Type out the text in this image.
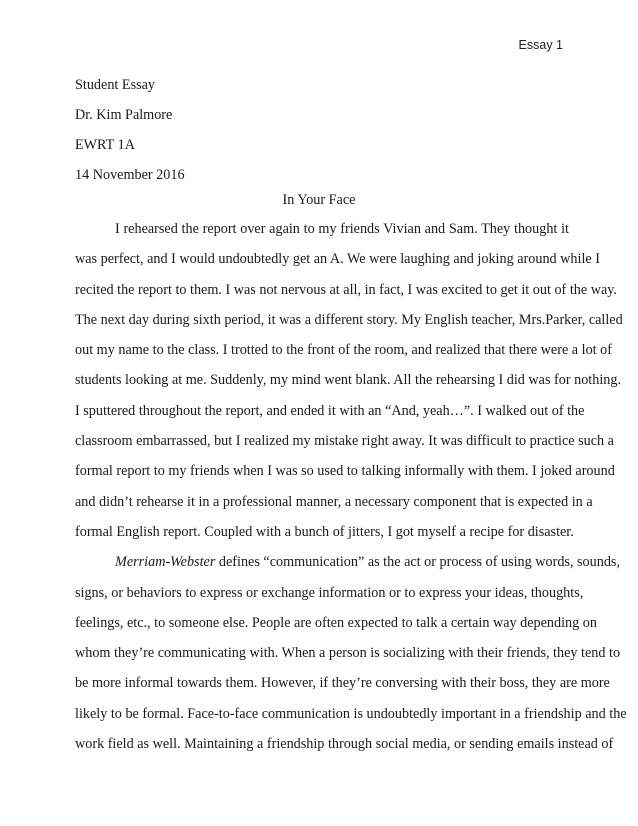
Essay 1
Student Essay
Dr. Kim Palmore
EWRT 1A
14 November 2016
In Your Face
I rehearsed the report over again to my friends Vivian and Sam. They thought it
was perfect, and I would undoubtedly get an A. We were laughing and joking around while I
recited the report to them. I was not nervous at all, in fact, I was excited to get it out of the way.
The next day during sixth period, it was a different story. My English teacher, Mrs.Parker, called
out my name to the class. I trotted to the front of the room, and realized that there were a lot of
students looking at me. Suddenly, my mind went blank. All the rehearsing I did was for nothing.
I sputtered throughout the report, and ended it with an “And, yeah…”. I walked out of the
classroom embarrassed, but I realized my mistake right away. It was difficult to practice such a
formal report to my friends when I was so used to talking informally with them. I joked around
and didn’t rehearse it in a professional manner, a necessary component that is expected in a
formal English report. Coupled with a bunch of jitters, I got myself a recipe for disaster.
Merriam-Webster defines “communication” as the act or process of using words, sounds,
signs, or behaviors to express or exchange information or to express your ideas, thoughts,
feelings, etc., to someone else. People are often expected to talk a certain way depending on
whom they’re communicating with. When a person is socializing with their friends, they tend to
be more informal towards them. However, if they’re conversing with their boss, they are more
likely to be formal. Face-to-face communication is undoubtedly important in a friendship and the
work field as well. Maintaining a friendship through social media, or sending emails instead of
